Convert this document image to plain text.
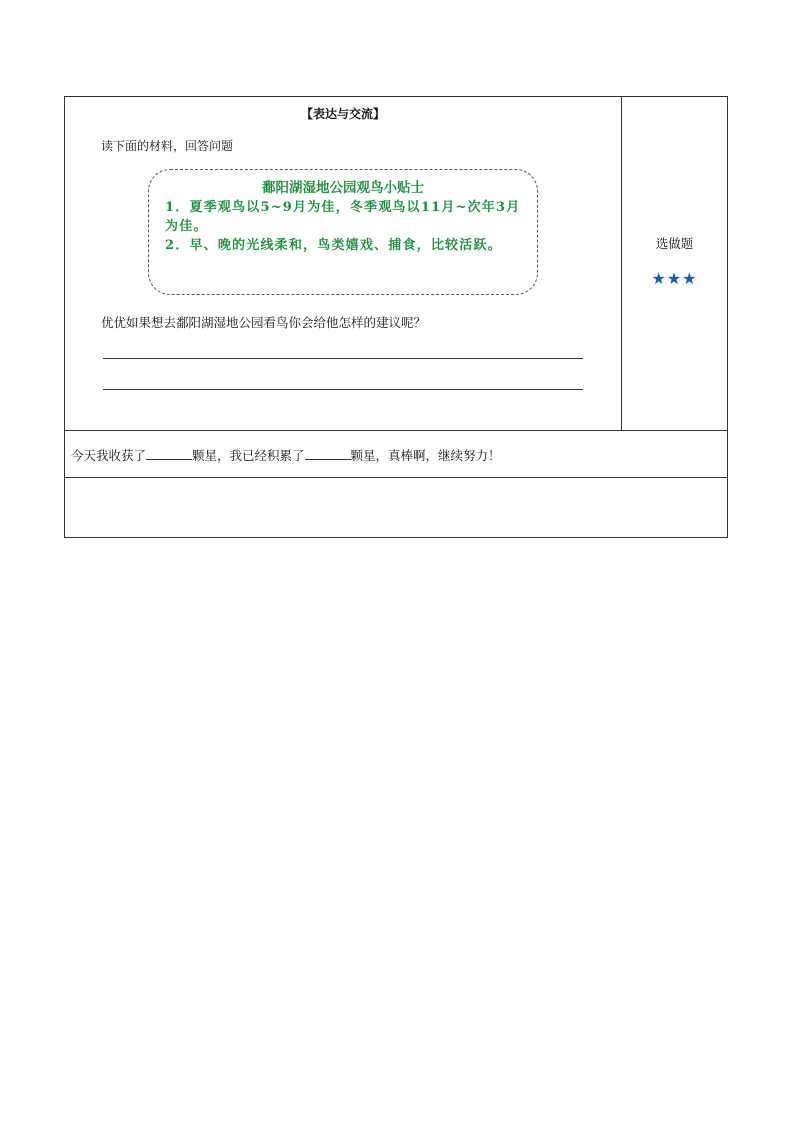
【表达与交流】
读下面的材料，回答问题
鄱阳湖湿地公园观鸟小贴士
1．夏季观鸟以5~9月为佳，冬季观鸟以11月~次年3月为佳。
2．早、晚的光线柔和，鸟类嬉戏、捕食，比较活跃。
优优如果想去鄱阳湖湿地公园看鸟你会给他怎样的建议呢？
选做题
★★★
今天我收获了	颗星，我已经积累了	颗星，真棒啊，继续努力！
